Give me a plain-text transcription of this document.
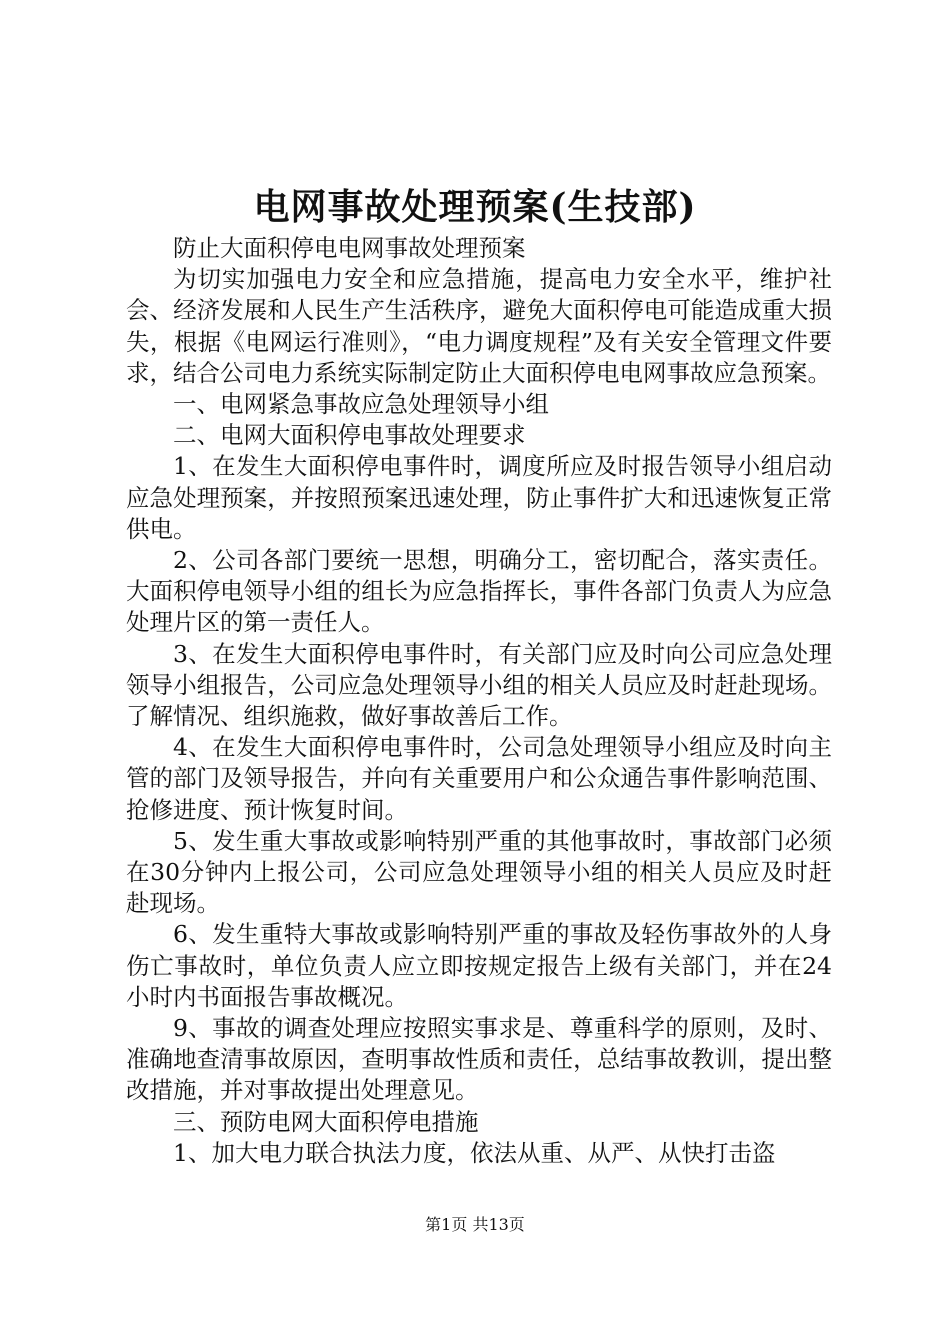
电网事故处理预案(生技部)

防止大面积停电电网事故处理预案

为切实加强电力安全和应急措施，提高电力安全水平，维护社会、经济发展和人民生产生活秩序，避免大面积停电可能造成重大损失，根据《电网运行准则》，“电力调度规程”及有关安全管理文件要求，结合公司电力系统实际制定防止大面积停电电网事故应急预案。

一、电网紧急事故应急处理领导小组

二、电网大面积停电事故处理要求

1、在发生大面积停电事件时，调度所应及时报告领导小组启动应急处理预案，并按照预案迅速处理，防止事件扩大和迅速恢复正常供电。

2、公司各部门要统一思想，明确分工，密切配合，落实责任。大面积停电领导小组的组长为应急指挥长，事件各部门负责人为应急处理片区的第一责任人。

3、在发生大面积停电事件时，有关部门应及时向公司应急处理领导小组报告，公司应急处理领导小组的相关人员应及时赶赴现场。了解情况、组织施救，做好事故善后工作。

4、在发生大面积停电事件时，公司急处理领导小组应及时向主管的部门及领导报告，并向有关重要用户和公众通告事件影响范围、抢修进度、预计恢复时间。

5、发生重大事故或影响特别严重的其他事故时，事故部门必须在30分钟内上报公司，公司应急处理领导小组的相关人员应及时赶赴现场。

6、发生重特大事故或影响特别严重的事故及轻伤事故外的人身伤亡事故时，单位负责人应立即按规定报告上级有关部门，并在24小时内书面报告事故概况。

9、事故的调查处理应按照实事求是、尊重科学的原则，及时、准确地查清事故原因，查明事故性质和责任，总结事故教训，提出整改措施，并对事故提出处理意见。

三、预防电网大面积停电措施

1、加大电力联合执法力度，依法从重、从严、从快打击盗

第1页 共13页
